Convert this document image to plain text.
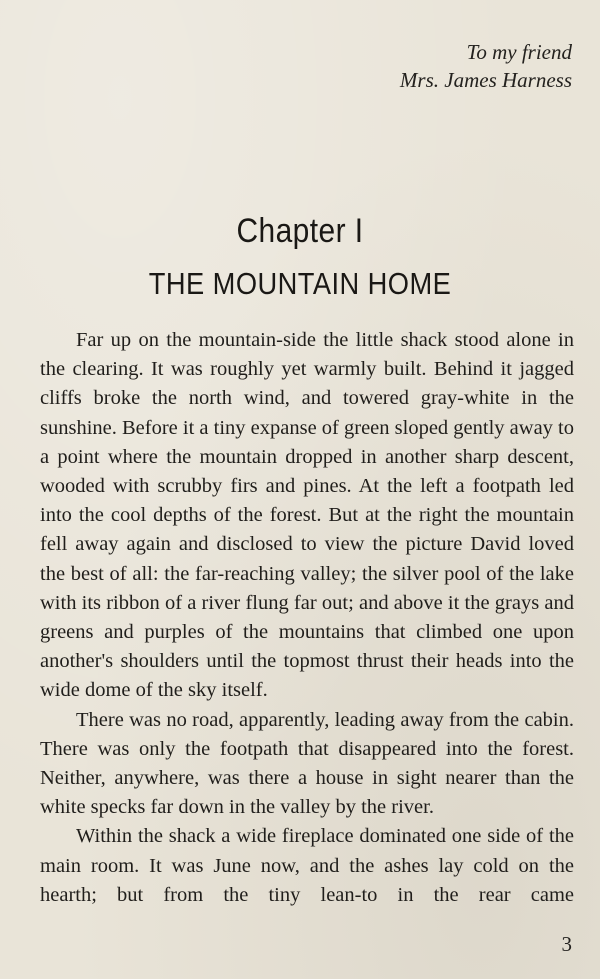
To my friend
Mrs. James Harness
Chapter I
THE MOUNTAIN HOME

Far up on the mountain-side the little shack stood alone in the clearing. It was roughly yet warmly built. Behind it jagged cliffs broke the north wind, and towered gray-white in the sunshine. Before it a tiny expanse of green sloped gently away to a point where the mountain dropped in another sharp descent, wooded with scrubby firs and pines. At the left a footpath led into the cool depths of the forest. But at the right the mountain fell away again and disclosed to view the picture David loved the best of all: the far-reaching valley; the silver pool of the lake with its ribbon of a river flung far out; and above it the grays and greens and purples of the mountains that climbed one upon another's shoulders until the topmost thrust their heads into the wide dome of the sky itself.

There was no road, apparently, leading away from the cabin. There was only the footpath that disappeared into the forest. Neither, anywhere, was there a house in sight nearer than the white specks far down in the valley by the river.

Within the shack a wide fireplace dominated one side of the main room. It was June now, and the ashes lay cold on the hearth; but from the tiny lean-to in the rear came

3
